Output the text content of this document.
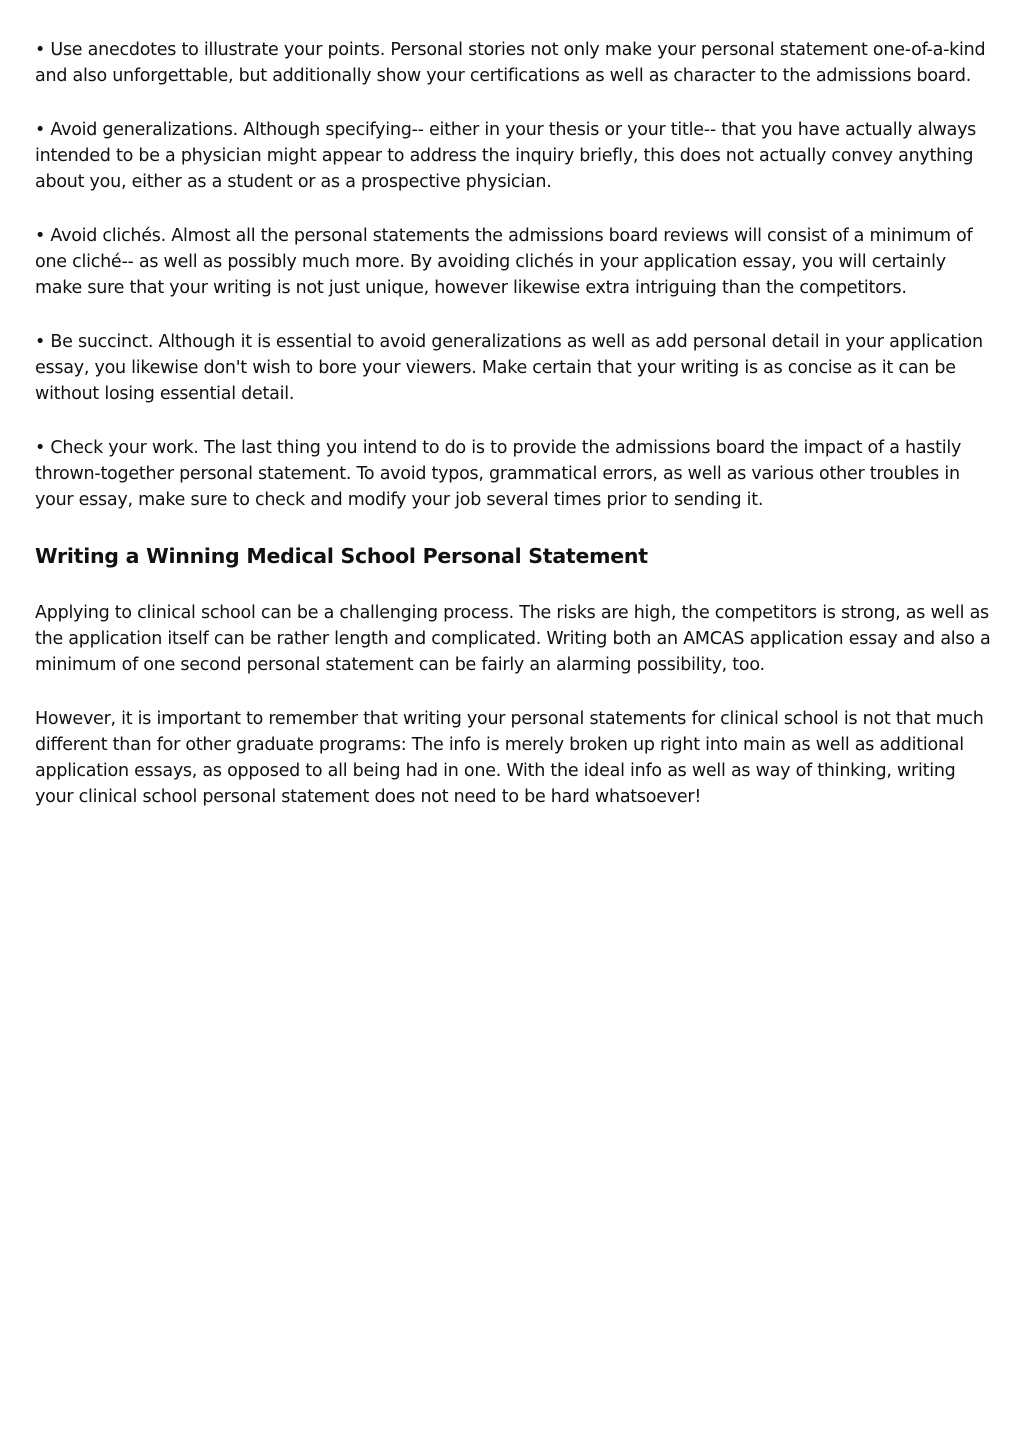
• Use anecdotes to illustrate your points. Personal stories not only make your personal statement one-of-a-kind and also unforgettable, but additionally show your certifications as well as character to the admissions board.

• Avoid generalizations. Although specifying-- either in your thesis or your title-- that you have actually always intended to be a physician might appear to address the inquiry briefly, this does not actually convey anything about you, either as a student or as a prospective physician.

• Avoid clichés. Almost all the personal statements the admissions board reviews will consist of a minimum of one cliché-- as well as possibly much more. By avoiding clichés in your application essay, you will certainly make sure that your writing is not just unique, however likewise extra intriguing than the competitors.

• Be succinct. Although it is essential to avoid generalizations as well as add personal detail in your application essay, you likewise don't wish to bore your viewers. Make certain that your writing is as concise as it can be without losing essential detail.

• Check your work. The last thing you intend to do is to provide the admissions board the impact of a hastily thrown-together personal statement. To avoid typos, grammatical errors, as well as various other troubles in your essay, make sure to check and modify your job several times prior to sending it.

Writing a Winning Medical School Personal Statement

Applying to clinical school can be a challenging process. The risks are high, the competitors is strong, as well as the application itself can be rather length and complicated. Writing both an AMCAS application essay and also a minimum of one second personal statement can be fairly an alarming possibility, too.

However, it is important to remember that writing your personal statements for clinical school is not that much different than for other graduate programs: The info is merely broken up right into main as well as additional application essays, as opposed to all being had in one. With the ideal info as well as way of thinking, writing your clinical school personal statement does not need to be hard whatsoever!
